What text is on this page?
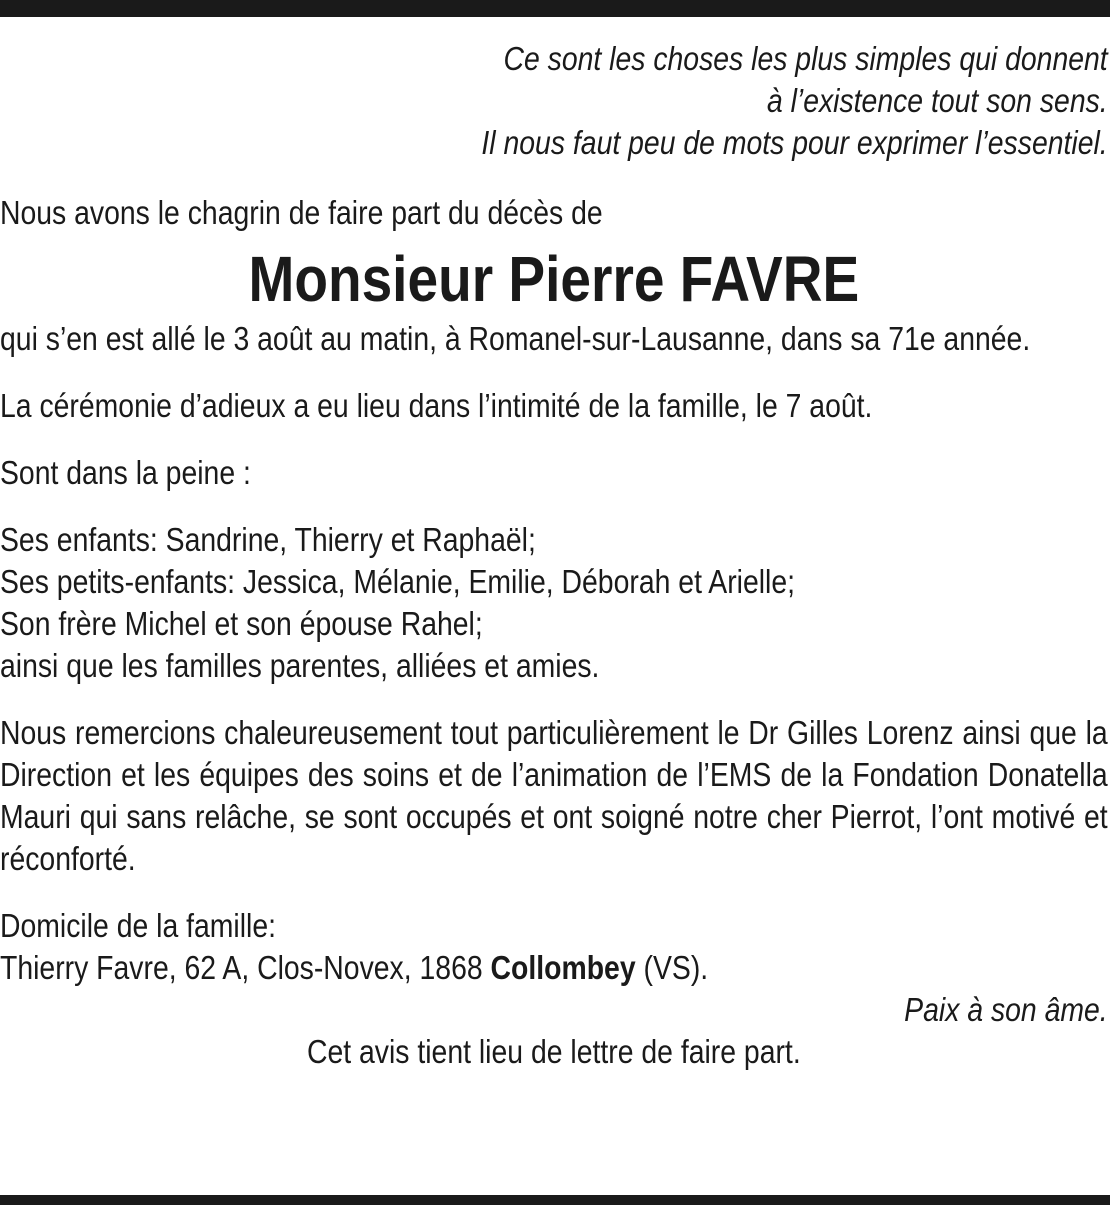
Ce sont les choses les plus simples qui donnent
à l’existence tout son sens.
Il nous faut peu de mots pour exprimer l’essentiel.

Nous avons le chagrin de faire part du décès de

Monsieur Pierre FAVRE

qui s’en est allé le 3 août au matin, à Romanel-sur-Lausanne, dans sa 71e année.

La cérémonie d’adieux a eu lieu dans l’intimité de la famille, le 7 août.

Sont dans la peine :

Ses enfants: Sandrine, Thierry et Raphaël;
Ses petits-enfants: Jessica, Mélanie, Emilie, Déborah et Arielle;
Son frère Michel et son épouse Rahel;
ainsi que les familles parentes, alliées et amies.

Nous remercions chaleureusement tout particulièrement le Dr Gilles Lorenz ainsi que la Direction et les équipes des soins et de l’animation de l’EMS de la Fondation Donatella Mauri qui sans relâche, se sont occupés et ont soigné notre cher Pierrot, l’ont motivé et réconforté.

Domicile de la famille:
Thierry Favre, 62 A, Clos-Novex, 1868 Collombey (VS).

Paix à son âme.

Cet avis tient lieu de lettre de faire part.
